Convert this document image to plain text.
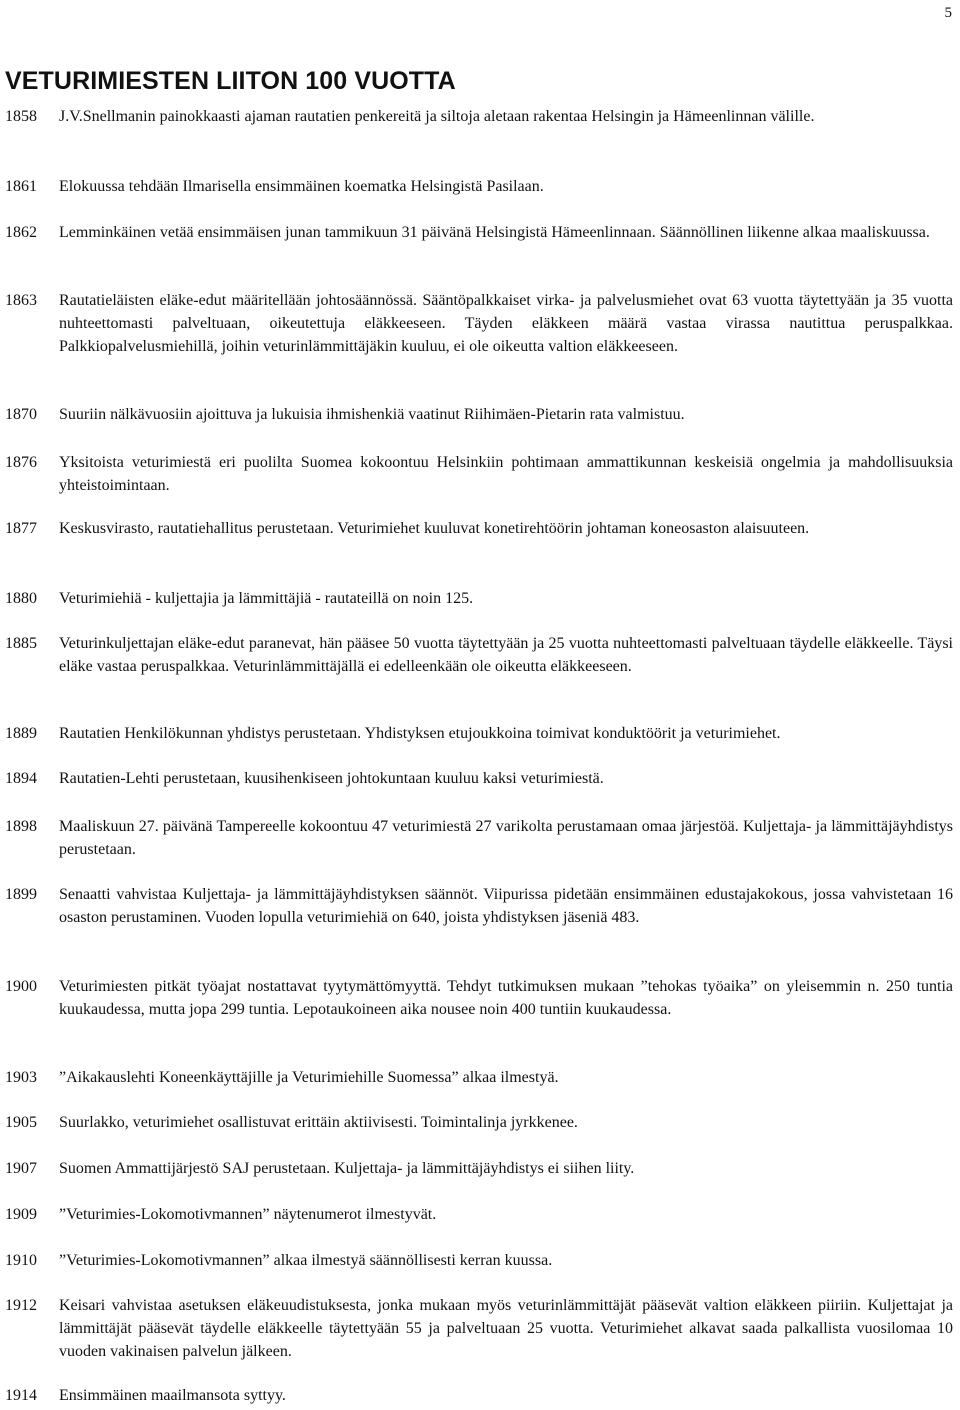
5
VETURIMIESTEN LIITON 100 VUOTTA
1858 J.V.Snellmanin painokkaasti ajaman rautatien penkereitä ja siltoja aletaan rakentaa Helsingin ja Hämeenlinnan välille.
1861 Elokuussa tehdään Ilmarisella ensimmäinen koematka Helsingistä Pasilaan.
1862 Lemminkäinen vetää ensimmäisen junan tammikuun 31 päivänä Helsingistä Hämeenlinnaan. Säännöllinen liikenne alkaa maaliskuussa.
1863 Rautatieläisten eläke-edut määritellään johtosäännössä. Sääntöpalkkaiset virka- ja palvelusmiehet ovat 63 vuotta täytettyään ja 35 vuotta nuhteettomasti palveltuaan, oikeutettuja eläkkeeseen. Täyden eläkkeen määrä vastaa virassa nautittua peruspalkkaa. Palkkiopalvelusmiehillä, joihin veturinlämmittäjäkin kuuluu, ei ole oikeutta valtion eläkkeeseen.
1870 Suuriin nälkävuosiin ajoittuva ja lukuisia ihmishenkiä vaatinut Riihimäen-Pietarin rata valmistuu.
1876 Yksitoista veturimiestä eri puolilta Suomea kokoontuu Helsinkiin pohtimaan ammattikunnan keskeisiä ongelmia ja mahdollisuuksia yhteistoimintaan.
1877 Keskusvirasto, rautatiehallitus perustetaan. Veturimiehet kuuluvat konetirehtöörin johtaman koneosaston alaisuuteen.
1880 Veturimiehiä - kuljettajia ja lämmittäjiä - rautateillä on noin 125.
1885 Veturinkuljettajan eläke-edut paranevat, hän pääsee 50 vuotta täytettyään ja 25 vuotta nuhteettomasti palveltuaan täydelle eläkkeelle. Täysi eläke vastaa peruspalkkaa. Veturinlämmittäjällä ei edelleenkään ole oikeutta eläkkeeseen.
1889 Rautatien Henkilökunnan yhdistys perustetaan. Yhdistyksen etujoukkoina toimivat konduktöörit ja veturimiehet.
1894 Rautatien-Lehti perustetaan, kuusihenkiseen johtokuntaan kuuluu kaksi veturimiestä.
1898 Maaliskuun 27. päivänä Tampereelle kokoontuu 47 veturimiestä 27 varikolta perustamaan omaa järjestöä. Kuljettaja- ja lämmittäjäyhdistys perustetaan.
1899 Senaatti vahvistaa Kuljettaja- ja lämmittäjäyhdistyksen säännöt. Viipurissa pidetään ensimmäinen edustajakokous, jossa vahvistetaan 16 osaston perustaminen. Vuoden lopulla veturimiehiä on 640, joista yhdistyksen jäseniä 483.
1900 Veturimiesten pitkät työajat nostattavat tyytymättömyyttä. Tehdyt tutkimuksen mukaan ”tehokas työaika” on yleisemmin n. 250 tuntia kuukaudessa, mutta jopa 299 tuntia. Lepotaukoineen aika nousee noin 400 tuntiin kuukaudessa.
1903 ”Aikakauslehti Koneenkäyttäjille ja Veturimiehille Suomessa” alkaa ilmestyä.
1905 Suurlakko, veturimiehet osallistuvat erittäin aktiivisesti. Toimintalinja jyrkkenee.
1907 Suomen Ammattijärjestö SAJ perustetaan. Kuljettaja- ja lämmittäjäyhdistys ei siihen liity.
1909 ”Veturimies-Lokomotivmannen” näytenumerot ilmestyvät.
1910 ”Veturimies-Lokomotivmannen” alkaa ilmestyä säännöllisesti kerran kuussa.
1912 Keisari vahvistaa asetuksen eläkeuudistuksesta, jonka mukaan myös veturinlämmittäjät pääsevät valtion eläkkeen piiriin. Kuljettajat ja lämmittäjät pääsevät täydelle eläkkeelle täytettyään 55 ja palveltuaan 25 vuotta. Veturimiehet alkavat saada palkallista vuosilomaa 10 vuoden vakinaisen palvelun jälkeen.
1914 Ensimmäinen maailmansota syttyy.
